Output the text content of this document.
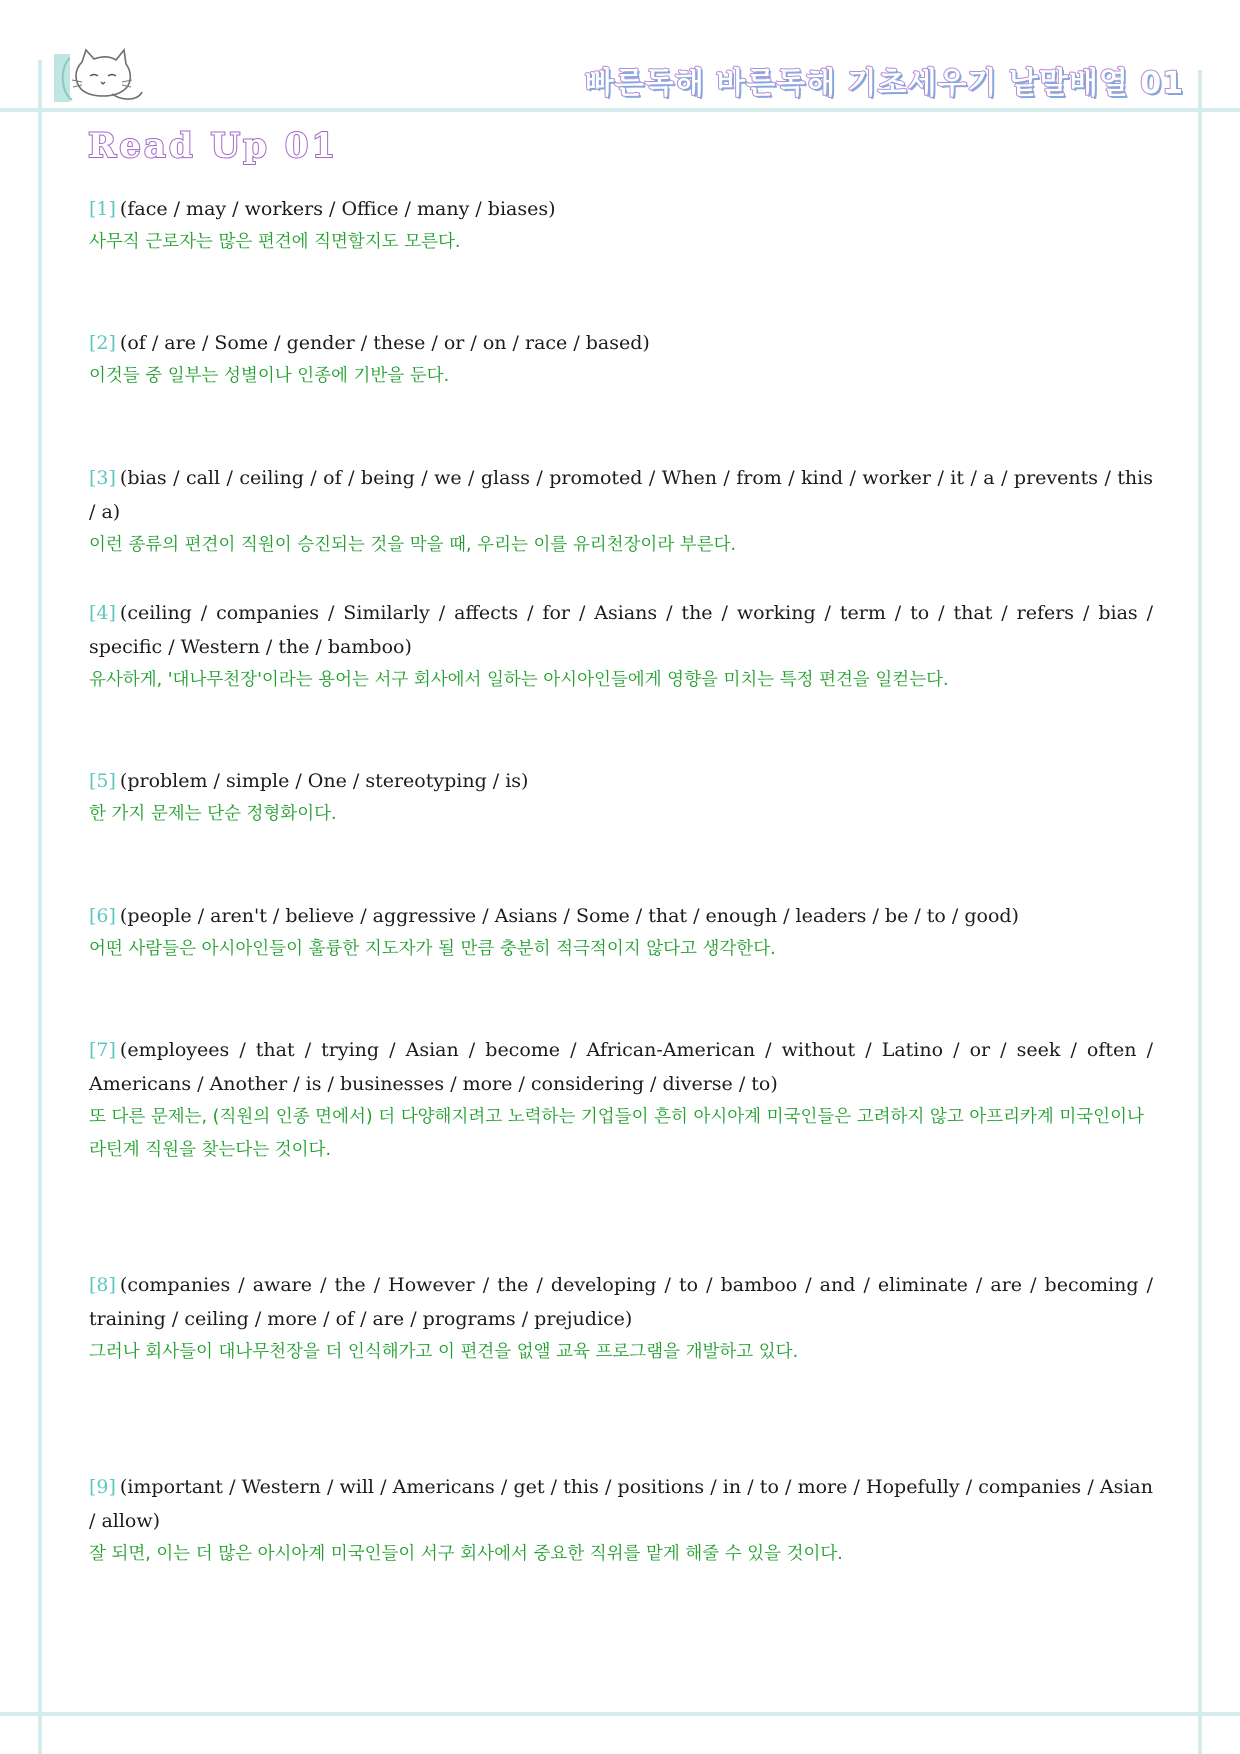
빠른독해 바른독해 기초세우기 낱말배열 01
Read Up 01

[1] (face / may / workers / Office / many / biases)

사무직 근로자는 많은 편견에 직면할지도 모른다.

[2] (of / are / Some / gender / these / or / on / race / based)

이것들 중 일부는 성별이나 인종에 기반을 둔다.

[3] (bias / call / ceiling / of / being / we / glass / promoted / When / from / kind / worker / it / a / prevents / this / a)

이런 종류의 편견이 직원이 승진되는 것을 막을 때, 우리는 이를 유리천장이라 부른다.

[4] (ceiling / companies / Similarly / affects / for / Asians / the / working / term / to / that / refers / bias / specific / Western / the / bamboo)

유사하게, '대나무천장'이라는 용어는 서구 회사에서 일하는 아시아인들에게 영향을 미치는 특정 편견을 일컫는다.

[5] (problem / simple / One / stereotyping / is)

한 가지 문제는 단순 정형화이다.

[6] (people / aren't / believe / aggressive / Asians / Some / that / enough / leaders / be / to / good)

어떤 사람들은 아시아인들이 훌륭한 지도자가 될 만큼 충분히 적극적이지 않다고 생각한다.

[7] (employees / that / trying / Asian / become / African-American / without / Latino / or / seek / often / Americans / Another / is / businesses / more / considering / diverse / to)

또 다른 문제는, (직원의 인종 면에서) 더 다양해지려고 노력하는 기업들이 흔히 아시아계 미국인들은 고려하지 않고 아프리카계 미국인이나 라틴계 직원을 찾는다는 것이다.

[8] (companies / aware / the / However / the / developing / to / bamboo / and / eliminate / are / becoming / training / ceiling / more / of / are / programs / prejudice)

그러나 회사들이 대나무천장을 더 인식해가고 이 편견을 없앨 교육 프로그램을 개발하고 있다.

[9] (important / Western / will / Americans / get / this / positions / in / to / more / Hopefully / companies / Asian / allow)

잘 되면, 이는 더 많은 아시아계 미국인들이 서구 회사에서 중요한 직위를 맡게 해줄 수 있을 것이다.
